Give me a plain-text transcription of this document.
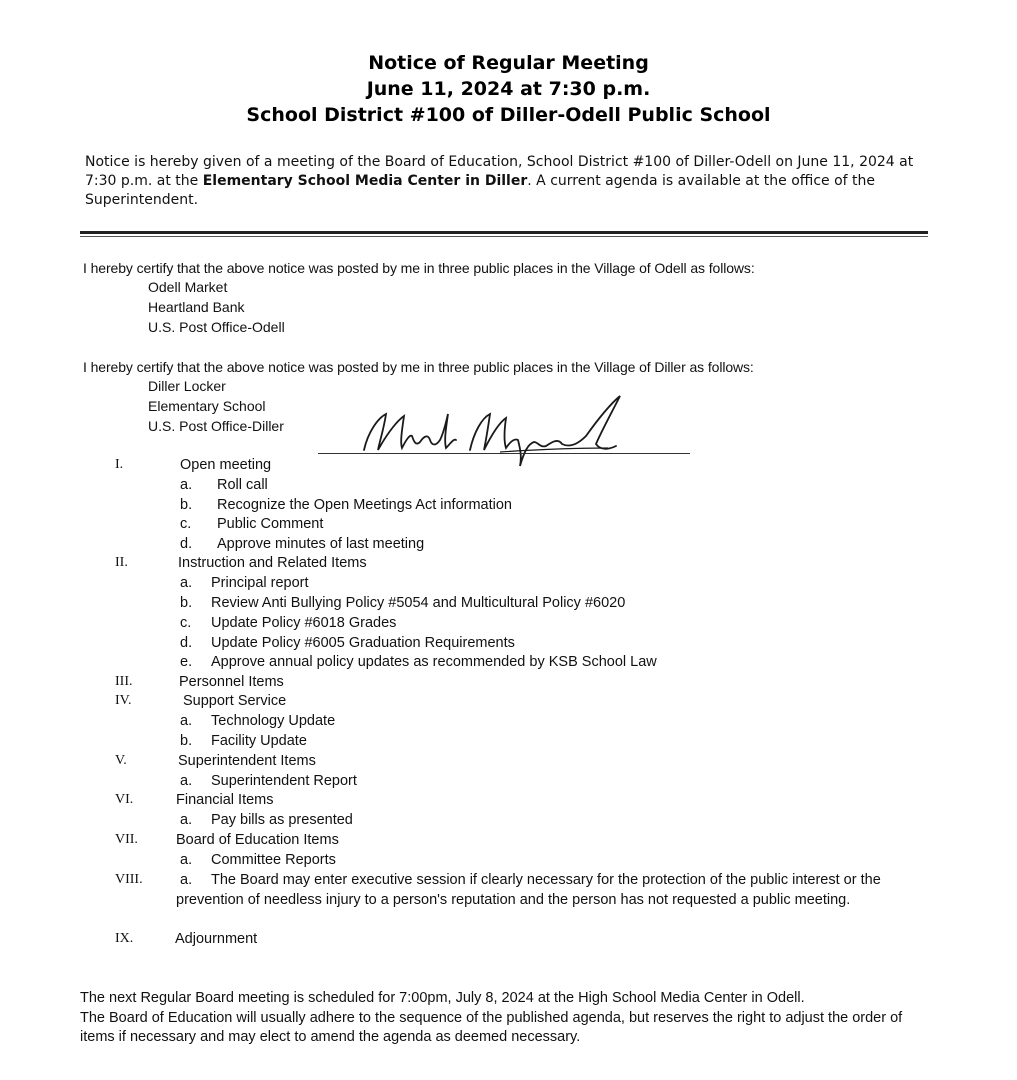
Notice of Regular Meeting
June 11, 2024 at 7:30 p.m.
School District #100 of Diller-Odell Public School
Notice is hereby given of a meeting of the Board of Education, School District #100 of Diller-Odell on June 11, 2024 at 7:30 p.m. at the Elementary School Media Center in Diller. A current agenda is available at the office of the Superintendent.
I hereby certify that the above notice was posted by me in three public places in the Village of Odell as follows:
Odell Market
Heartland Bank
U.S. Post Office-Odell
I hereby certify that the above notice was posted by me in three public places in the Village of Diller as follows:
Diller Locker
Elementary School
U.S. Post Office-Diller
I.	Open meeting
a. Roll call
b. Recognize the Open Meetings Act information
c. Public Comment
d. Approve minutes of last meeting
II.	Instruction and Related Items
a. Principal report
b. Review Anti Bullying Policy #5054 and Multicultural Policy #6020
c. Update Policy #6018 Grades
d. Update Policy #6005 Graduation Requirements
e. Approve annual policy updates as recommended by KSB School Law
III.	Personnel Items
IV.	Support Service
a. Technology Update
b. Facility Update
V.	Superintendent Items
a. Superintendent Report
VI.	Financial Items
a. Pay bills as presented
VII.	Board of Education Items
a. Committee Reports
VIII.	a.	The Board may enter executive session if clearly necessary for the protection of the public interest or the prevention of needless injury to a person's reputation and the person has not requested a public meeting.
IX.	Adjournment

The next Regular Board meeting is scheduled for 7:00pm, July 8, 2024 at the High School Media Center in Odell.

The Board of Education will usually adhere to the sequence of the published agenda, but reserves the right to adjust the order of items if necessary and may elect to amend the agenda as deemed necessary.
